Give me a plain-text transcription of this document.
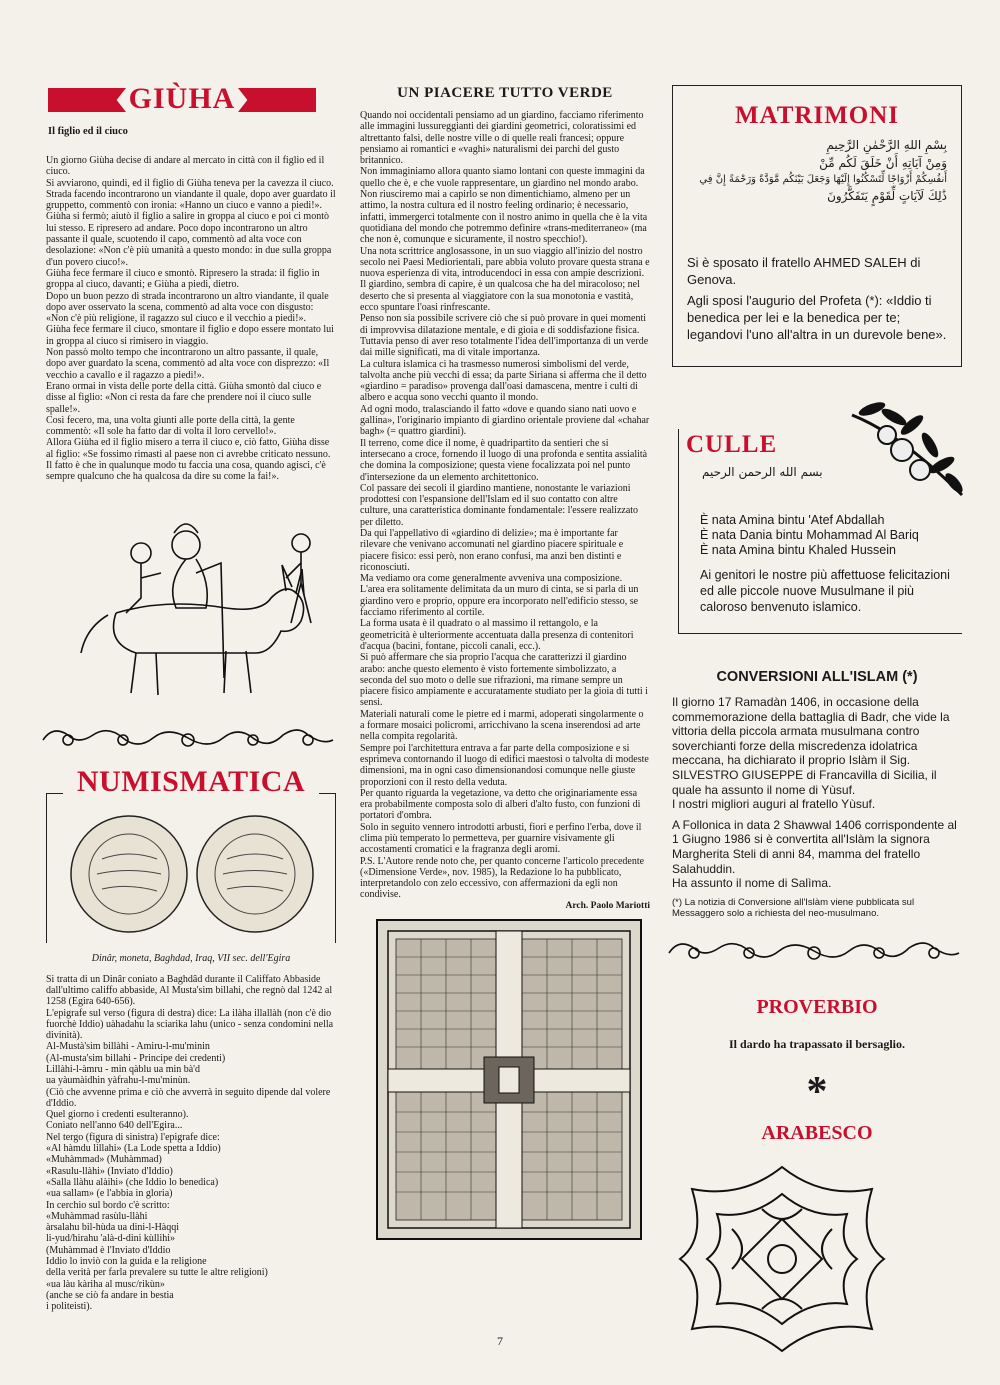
GIÙHA
Il figlio ed il ciuco

Un giorno Giùha decise di andare al mercato in città con il figlio ed il ciuco.

Si avviarono, quindi, ed il figlio di Giùha teneva per la cavezza il ciuco.

Strada facendo incontrarono un viandante il quale, dopo aver guardato il gruppetto, commentò con ironia: «Hanno un ciuco e vanno a piedi!».

Giùha si fermò; aiutò il figlio a salire in groppa al ciuco e poi ci montò lui stesso. E ripresero ad andare. Poco dopo incontrarono un altro passante il quale, scuotendo il capo, commentò ad alta voce con desolazione: «Non c'è più umanità a questo mondo: in due sulla groppa d'un povero ciuco!».

Giùha fece fermare il ciuco e smontò. Ripresero la strada: il figlio in groppa al ciuco, davanti; e Giùha a piedi, dietro.

Dopo un buon pezzo di strada incontrarono un altro viandante, il quale dopo aver osservato la scena, commentò ad alta voce con disgusto: «Non c'è più religione, il ragazzo sul ciuco e il vecchio a piedi!».

Giùha fece fermare il ciuco, smontare il figlio e dopo essere montato lui in groppa al ciuco si rimisero in viaggio.

Non passò molto tempo che incontrarono un altro passante, il quale, dopo aver guardato la scena, commentò ad alta voce con disprezzo: «Il vecchio a cavallo e il ragazzo a piedi!».

Erano ormai in vista delle porte della città. Giùha smontò dal ciuco e disse al figlio: «Non ci resta da fare che prendere noi il ciuco sulle spalle!».

Così fecero, ma, una volta giunti alle porte della città, la gente commentò: «Il sole ha fatto dar di volta il loro cervello!».

Allora Giùha ed il figlio misero a terra il ciuco e, ciò fatto, Giùha disse al figlio: «Se fossimo rimasti al paese non ci avrebbe criticato nessuno. Il fatto è che in qualunque modo tu faccia una cosa, quando agisci, c'è sempre qualcuno che ha qualcosa da dire su come la fai!».

NUMISMATICA
Dinâr, moneta, Baghdad, Iraq, VII sec. dell'Egira

Si tratta di un Dinâr coniato a Baghdâd durante il Califfato Abbaside dall'ultimo califfo abbaside, Al Musta'sim billahi, che regnò dal 1242 al 1258 (Egira 640-656).

L'epigrafe sul verso (figura di destra) dice: La ilàha illallàh (non c'è dio fuorchè Iddio) uàhadahu la sciarika lahu (unico - senza condomini nella divinità).

Al-Mustà'sim billàhi - Amiru-l-mu'minin

(Al-musta'sim billahi - Principe dei credenti)

Lillàhi-l-àmru - min qàblu ua min bà'd

ua yàumàidhin yàfrahu-l-mu'minùn.

(Ciò che avvenne prima e ciò che avverrà in seguito dipende dal volere d'Iddio.

Quel giorno i credenti esulteranno).

Coniato nell'anno 640 dell'Egira...

Nel tergo (figura di sinistra) l'epigrafe dice:

«Al hàmdu lillahi» (La Lode spetta a Iddio)

«Muhàmmad» (Muhàmmad)

«Rasulu-llàhi» (Inviato d'Iddio)

«Salla llàhu alàihi» (che Iddio lo benedica)

«ua sallam» (e l'abbia in gloria)

In cerchio sul bordo c'è scritto:

«Muhàmmad rasùlu-llàhi

àrsalahu bil-hùda ua dini-l-Hàqqi

li-yud/hirahu 'alà-d-dini kùllihi»

(Muhàmmad è l'Inviato d'Iddio

Iddio lo inviò con la guida e la religione

della verità per farla prevalere su tutte le altre religioni)

«ua làu kàriha al musc/rikùn»

(anche se ciò fa andare in bestia

i politeisti).

UN PIACERE TUTTO VERDE

Quando noi occidentali pensiamo ad un giardino, facciamo riferimento alle immagini lussureggianti dei giardini geometrici, coloratissimi ed altrettanto falsi, delle nostre ville o di quelle reali francesi; oppure pensiamo ai romantici e «vaghi» naturalismi dei parchi del gusto britannico.

Non immaginiamo allora quanto siamo lontani con queste immagini da quello che è, e che vuole rappresentare, un giardino nel mondo arabo.

Non riusciremo mai a capirlo se non dimentichiamo, almeno per un attimo, la nostra cultura ed il nostro feeling ordinario; è necessario, infatti, immergerci totalmente con il nostro animo in quella che è la vita quotidiana del mondo che potremmo definire «trans-mediterraneo» (ma che non è, comunque e sicuramente, il nostro specchio!).

Una nota scrittrice anglosassone, in un suo viaggio all'inizio del nostro secolo nei Paesi Mediorientali, pare abbia voluto provare questa strana e nuova esperienza di vita, introducendoci in essa con ampie descrizioni.

Il giardino, sembra di capire, è un qualcosa che ha del miracoloso; nel deserto che si presenta al viaggiatore con la sua monotonia e vastità, ecco spuntare l'oasi rinfrescante.

Penso non sia possibile scrivere ciò che si può provare in quei momenti di improvvisa dilatazione mentale, e di gioia e di soddisfazione fisica.

Tuttavia penso di aver reso totalmente l'idea dell'importanza di un verde dai mille significati, ma di vitale importanza.

La cultura islamica ci ha trasmesso numerosi simbolismi del verde, talvolta anche più vecchi di essa; da parte Siriana si afferma che il detto «giardino = paradiso» provenga dall'oasi damascena, mentre i culti di albero e acqua sono vecchi quanto il mondo.

Ad ogni modo, tralasciando il fatto «dove e quando siano nati uovo e gallina», l'originario impianto di giardino orientale proviene dal «chahar bagh» (= quattro giardini).

Il terreno, come dice il nome, è quadripartito da sentieri che si intersecano a croce, fornendo il luogo di una profonda e sentita assialità che domina la composizione; questa viene focalizzata poi nel punto d'intersezione da un elemento architettonico.

Col passare dei secoli il giardino mantiene, nonostante le variazioni prodottesi con l'espansione dell'Islam ed il suo contatto con altre culture, una caratteristica dominante fondamentale: l'essere realizzato per diletto.

Da qui l'appellativo di «giardino di delizie»; ma è importante far rilevare che venivano accomunati nel giardino piacere spirituale e piacere fisico: essi però, non erano confusi, ma anzi ben distinti e riconosciuti.

Ma vediamo ora come generalmente avveniva una composizione.

L'area era solitamente delimitata da un muro di cinta, se si parla di un giardino vero e proprio, oppure era incorporato nell'edificio stesso, se facciamo riferimento al cortile.

La forma usata è il quadrato o al massimo il rettangolo, e la geometricità è ulteriormente accentuata dalla presenza di contenitori d'acqua (bacini, fontane, piccoli canali, ecc.).

Si può affermare che sia proprio l'acqua che caratterizzi il giardino arabo: anche questo elemento è visto fortemente simbolizzato, a seconda del suo moto o delle sue rifrazioni, ma rimane sempre un piacere fisico ampiamente e accuratamente studiato per la gioia di tutti i sensi.

Materiali naturali come le pietre ed i marmi, adoperati singolarmente o a formare mosaici policromi, arricchivano la scena inserendosi ad arte nella compita regolarità.

Sempre poi l'architettura entrava a far parte della composizione e si esprimeva contornando il luogo di edifici maestosi o talvolta di modeste dimensioni, ma in ogni caso dimensionandosi comunque nelle giuste proporzioni con il resto della veduta.

Per quanto riguarda la vegetazione, va detto che originariamente essa era probabilmente composta solo di alberi d'alto fusto, con funzioni di portatori d'ombra.

Solo in seguito vennero introdotti arbusti, fiori e perfino l'erba, dove il clima più temperato lo permetteva, per guarnire visivamente gli accostamenti cromatici e la fragranza degli aromi.

P.S. L'Autore rende noto che, per quanto concerne l'articolo precedente («Dimensione Verde», nov. 1985), la Redazione lo ha pubblicato, interpretandolo con zelo eccessivo, con affermazioni da egli non condivise.

Arch. Paolo Mariotti
MATRIMONI
بِسْمِ اللهِ الرَّحْمٰنِ الرَّحِيمِ
وَمِنْ آيَاتِهِ أَنْ خَلَقَ لَكُم مِّنْ
أَنفُسِكُمْ أَزْوَاجًا لِّتَسْكُنُوا إِلَيْهَا وَجَعَلَ بَيْنَكُم مَّوَدَّةً وَرَحْمَةً إِنَّ فِي
ذَٰلِكَ لَآيَاتٍ لِّقَوْمٍ يَتَفَكَّرُونَ
Si è sposato il fratello AHMED SALEH di Genova.
Agli sposi l'augurio del Profeta (*): «Iddio ti benedica per lei e la benedica per te; legandovi l'uno all'altra in un durevole bene».
CULLE
بسم الله الرحمن الرحيم
È nata Amina bintu 'Atef Abdallah
È nata Dania bintu Mohammad Al Bariq
È nata Amina bintu Khaled Hussein
Ai genitori le nostre più affettuose felicitazioni ed alle piccole nuove Musulmane il più caloroso benvenuto islamico.
CONVERSIONI ALL'ISLAM (*)

Il giorno 17 Ramadàn 1406, in occasione della commemorazione della battaglia di Badr, che vide la vittoria della piccola armata musulmana contro soverchianti forze della miscredenza idolatrica meccana, ha dichiarato il proprio Islàm il Sig. SILVESTRO GIUSEPPE di Francavilla di Sicilia, il quale ha assunto il nome di Yùsuf.

I nostri migliori auguri al fratello Yùsuf.

A Follonica in data 2 Shawwal 1406 corrispondente al 1 Giugno 1986 si è convertita all'Islàm la signora Margherita Steli di anni 84, mamma del fratello Salahuddin.

Ha assunto il nome di Salìma.

(*) La notizia di Conversione all'Islàm viene pubblicata sul Messaggero solo a richiesta del neo-musulmano.
PROVERBIO
Il dardo ha trapassato il bersaglio.
*
ARABESCO
7
